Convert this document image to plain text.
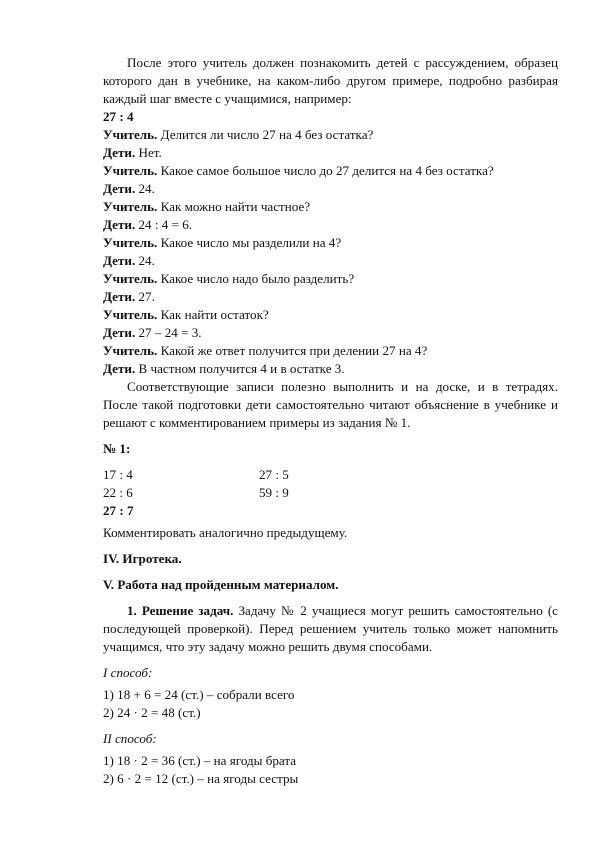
После этого учитель должен познакомить детей с рассуждением, образец которого дан в учебнике, на каком-либо другом примере, подробно разбирая каждый шаг вместе с учащимися, например:

27 : 4

Учитель. Делится ли число 27 на 4 без остатка?

Дети. Нет.

Учитель. Какое самое большое число до 27 делится на 4 без остатка?

Дети. 24.

Учитель. Как можно найти частное?

Дети. 24 : 4 = 6.

Учитель. Какое число мы разделили на 4?

Дети. 24.

Учитель. Какое число надо было разделить?

Дети. 27.

Учитель. Как найти остаток?

Дети. 27 – 24 = 3.

Учитель. Какой же ответ получится при делении 27 на 4?

Дети. В частном получится 4 и в остатке 3.

Соответствующие записи полезно выполнить и на доске, и в тетрадях. После такой подготовки дети самостоятельно читают объяснение в учебнике и решают с комментированием примеры из задания № 1.

№ 1:

17 : 4	27 : 5
22 : 6	59 : 9

27 : 7

Комментировать аналогично предыдущему.

IV. Игротека.

V. Работа над пройденным материалом.

1. Решение задач. Задачу № 2 учащиеся могут решить самостоятельно (с последующей проверкой). Перед решением учитель только может напомнить учащимся, что эту задачу можно решить двумя способами.

I способ:

1) 18 + 6 = 24 (ст.) – собрали всего

2) 24 · 2 = 48 (ст.)

II способ:

1) 18 · 2 = 36 (ст.) – на ягоды брата

2) 6 · 2 = 12 (ст.) – на ягоды сестры
